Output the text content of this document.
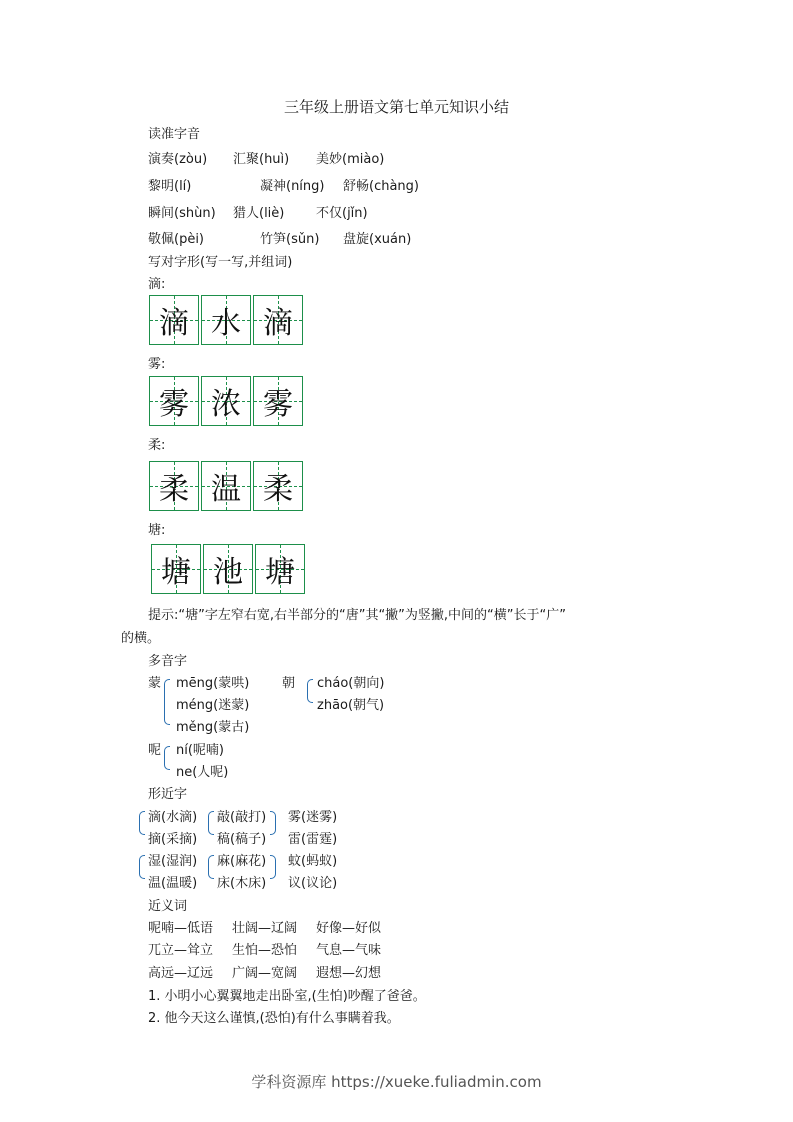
三年级上册语文第七单元知识小结
读准字音
演奏(zòu) 汇聚(huì) 美妙(miào)
黎明(lí)	凝神(níng) 舒畅(chàng)
瞬间(shùn) 猎人(liè) 不仅(jǐn)
敬佩(pèi)	竹笋(sǔn) 盘旋(xuán)
写对字形(写一写,并组词)
滴:
滴 水 滴
雾:
雾 浓 雾
柔:
柔 温 柔
塘:
塘 池 塘
提示:“塘”字左窄右宽,右半部分的“唐”其“撇”为竖撇,中间的“横”长于“广”
的横。
多音字
蒙 mēng(蒙哄)
méng(迷蒙)
měng(蒙古)
朝 cháo(朝向)
zhāo(朝气)
呢 ní(呢喃)
ne(人呢)
形近字
滴(水滴)
摘(采摘)
湿(湿润)
温(温暖)
敲(敲打)
稿(稿子)
麻(麻花)
床(木床)
雾(迷雾)
雷(雷霆)
蚊(蚂蚁)
议(议论)
近义词
呢喃—低语 壮阔—辽阔 好像—好似
兀立—耸立 生怕—恐怕 气息—气味
高远—辽远 广阔—宽阔 遐想—幻想
1. 小明小心翼翼地走出卧室,(生怕)吵醒了爸爸。
2. 他今天这么谨慎,(恐怕)有什么事瞒着我。
学科资源库 https://xueke.fuliadmin.com
